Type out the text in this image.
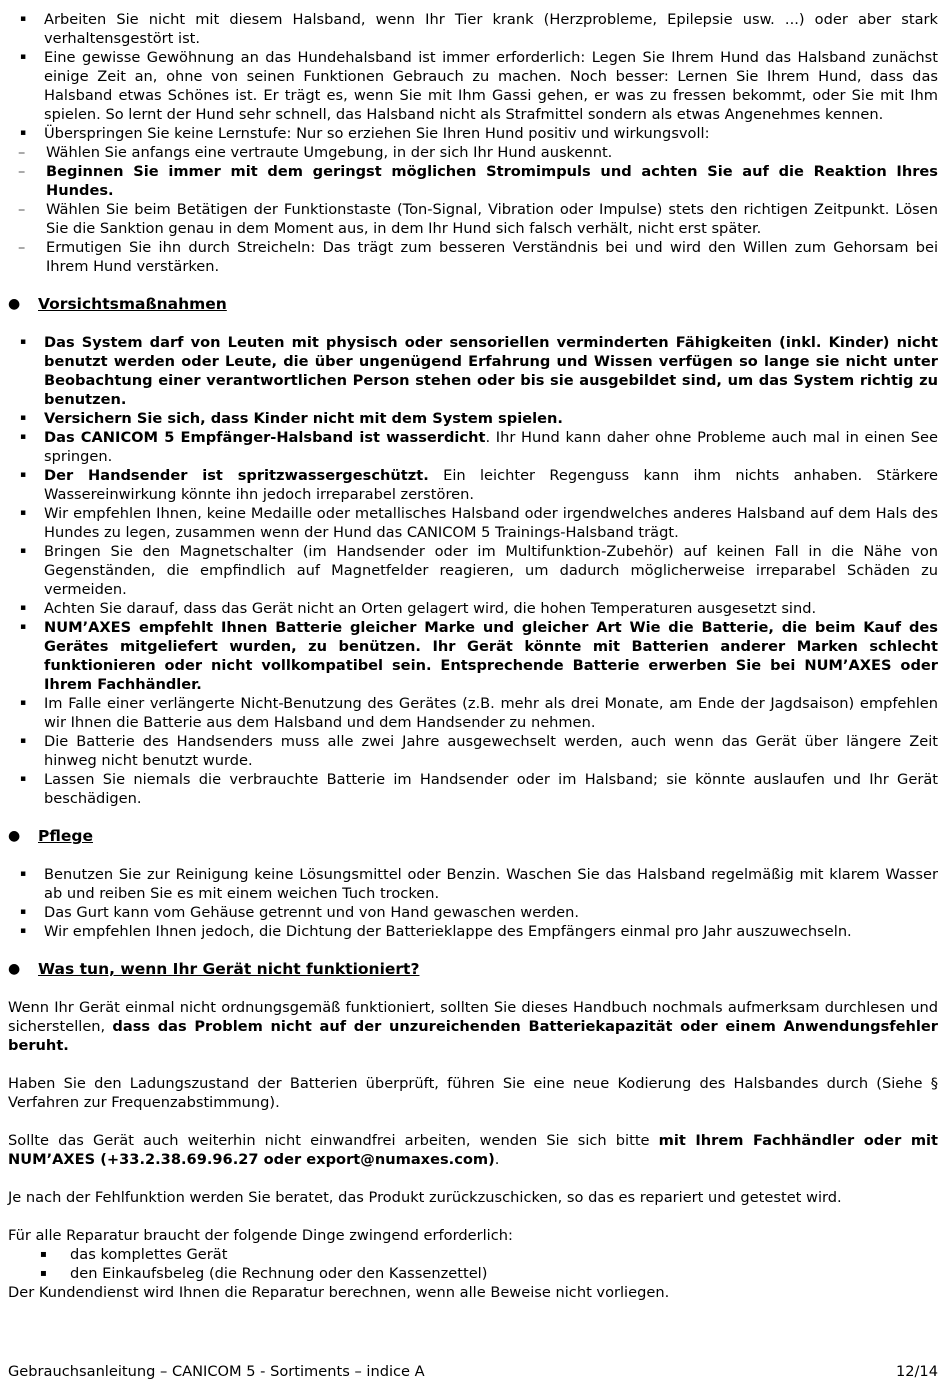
▪ Arbeiten Sie nicht mit diesem Halsband, wenn Ihr Tier krank (Herzprobleme, Epilepsie usw. ...) oder aber stark verhaltensgestört ist.
▪ Eine gewisse Gewöhnung an das Hundehalsband ist immer erforderlich: Legen Sie Ihrem Hund das Halsband zunächst einige Zeit an, ohne von seinen Funktionen Gebrauch zu machen. Noch besser: Lernen Sie Ihrem Hund, dass das Halsband etwas Schönes ist. Er trägt es, wenn Sie mit Ihm Gassi gehen, er was zu fressen bekommt, oder Sie mit Ihm spielen. So lernt der Hund sehr schnell, das Halsband nicht als Strafmittel sondern als etwas Angenehmes kennen.
▪ Überspringen Sie keine Lernstufe: Nur so erziehen Sie Ihren Hund positiv und wirkungsvoll:
– Wählen Sie anfangs eine vertraute Umgebung, in der sich Ihr Hund auskennt.
– Beginnen Sie immer mit dem geringst möglichen Stromimpuls und achten Sie auf die Reaktion Ihres Hundes.
– Wählen Sie beim Betätigen der Funktionstaste (Ton-Signal, Vibration oder Impulse) stets den richtigen Zeitpunkt. Lösen Sie die Sanktion genau in dem Moment aus, in dem Ihr Hund sich falsch verhält, nicht erst später.
– Ermutigen Sie ihn durch Streicheln: Das trägt zum besseren Verständnis bei und wird den Willen zum Gehorsam bei Ihrem Hund verstärken.
● Vorsichtsmaßnahmen
▪ Das System darf von Leuten mit physisch oder sensoriellen verminderten Fähigkeiten (inkl. Kinder) nicht benutzt werden oder Leute, die über ungenügend Erfahrung und Wissen verfügen so lange sie nicht unter Beobachtung einer verantwortlichen Person stehen oder bis sie ausgebildet sind, um das System richtig zu benutzen.
▪ Versichern Sie sich, dass Kinder nicht mit dem System spielen.
▪ Das CANICOM 5 Empfänger-Halsband ist wasserdicht. Ihr Hund kann daher ohne Probleme auch mal in einen See springen.
▪ Der Handsender ist spritzwassergeschützt. Ein leichter Regenguss kann ihm nichts anhaben. Stärkere Wassereinwirkung könnte ihn jedoch irreparabel zerstören.
▪ Wir empfehlen Ihnen, keine Medaille oder metallisches Halsband oder irgendwelches anderes Halsband auf dem Hals des Hundes zu legen, zusammen wenn der Hund das CANICOM 5 Trainings-Halsband trägt.
▪ Bringen Sie den Magnetschalter (im Handsender oder im Multifunktion-Zubehör) auf keinen Fall in die Nähe von Gegenständen, die empfindlich auf Magnetfelder reagieren, um dadurch möglicherweise irreparabel Schäden zu vermeiden.
▪ Achten Sie darauf, dass das Gerät nicht an Orten gelagert wird, die hohen Temperaturen ausgesetzt sind.
▪ NUM’AXES empfehlt Ihnen Batterie gleicher Marke und gleicher Art Wie die Batterie, die beim Kauf des Gerätes mitgeliefert wurden, zu benützen. Ihr Gerät könnte mit Batterien anderer Marken schlecht funktionieren oder nicht vollkompatibel sein. Entsprechende Batterie erwerben Sie bei NUM’AXES oder Ihrem Fachhändler.
▪ Im Falle einer verlängerte Nicht-Benutzung des Gerätes (z.B. mehr als drei Monate, am Ende der Jagdsaison) empfehlen wir Ihnen die Batterie aus dem Halsband und dem Handsender zu nehmen.
▪ Die Batterie des Handsenders muss alle zwei Jahre ausgewechselt werden, auch wenn das Gerät über längere Zeit hinweg nicht benutzt wurde.
▪ Lassen Sie niemals die verbrauchte Batterie im Handsender oder im Halsband; sie könnte auslaufen und Ihr Gerät beschädigen.
● Pflege
▪ Benutzen Sie zur Reinigung keine Lösungsmittel oder Benzin. Waschen Sie das Halsband regelmäßig mit klarem Wasser ab und reiben Sie es mit einem weichen Tuch trocken.
▪ Das Gurt kann vom Gehäuse getrennt und von Hand gewaschen werden.
▪ Wir empfehlen Ihnen jedoch, die Dichtung der Batterieklappe des Empfängers einmal pro Jahr auszuwechseln.
● Was tun, wenn Ihr Gerät nicht funktioniert?

Wenn Ihr Gerät einmal nicht ordnungsgemäß funktioniert, sollten Sie dieses Handbuch nochmals aufmerksam durchlesen und sicherstellen, dass das Problem nicht auf der unzureichenden Batteriekapazität oder einem Anwendungsfehler beruht.

Haben Sie den Ladungszustand der Batterien überprüft, führen Sie eine neue Kodierung des Halsbandes durch (Siehe § Verfahren zur Frequenzabstimmung).

Sollte das Gerät auch weiterhin nicht einwandfrei arbeiten, wenden Sie sich bitte mit Ihrem Fachhändler oder mit NUM’AXES (+33.2.38.69.96.27 oder export@numaxes.com).

Je nach der Fehlfunktion werden Sie beratet, das Produkt zurückzuschicken, so das es repariert und getestet wird.

Für alle Reparatur braucht der folgende Dinge zwingend erforderlich:

▪ das komplettes Gerät
▪ den Einkaufsbeleg (die Rechnung oder den Kassenzettel)

Der Kundendienst wird Ihnen die Reparatur berechnen, wenn alle Beweise nicht vorliegen.

Gebrauchsanleitung – CANICOM 5 - Sortiments – indice A	12/14
